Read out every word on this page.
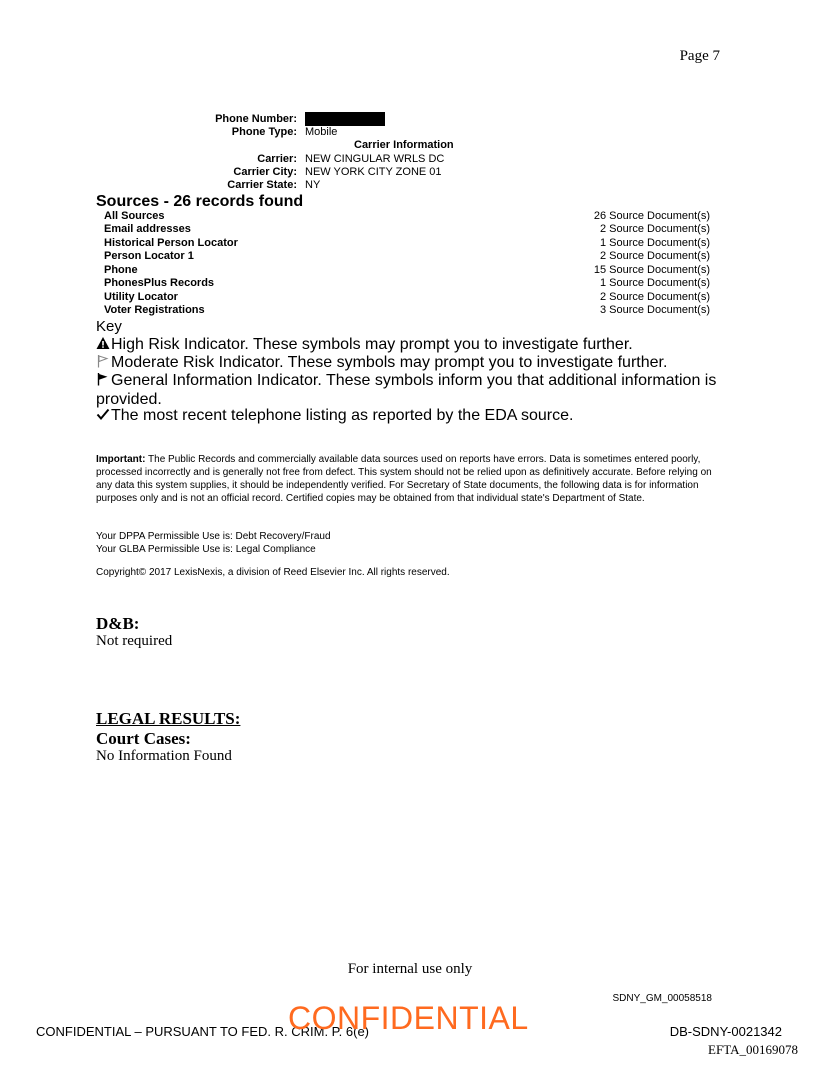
Page 7
Phone Number:
Phone Type: Mobile
Carrier Information
Carrier: NEW CINGULAR WRLS DC
Carrier City: NEW YORK CITY ZONE 01
Carrier State: NY
Sources - 26 records found
All Sources	26 Source Document(s)
Email addresses	2 Source Document(s)
Historical Person Locator	1 Source Document(s)
Person Locator 1	2 Source Document(s)
Phone	15 Source Document(s)
PhonesPlus Records	1 Source Document(s)
Utility Locator	2 Source Document(s)
Voter Registrations	3 Source Document(s)
Key
High Risk Indicator. These symbols may prompt you to investigate further.
Moderate Risk Indicator. These symbols may prompt you to investigate further.
General Information Indicator. These symbols inform you that additional information is provided.
The most recent telephone listing as reported by the EDA source.
Important: The Public Records and commercially available data sources used on reports have errors. Data is sometimes entered poorly, processed incorrectly and is generally not free from defect. This system should not be relied upon as definitively accurate. Before relying on any data this system supplies, it should be independently verified. For Secretary of State documents, the following data is for information purposes only and is not an official record. Certified copies may be obtained from that individual state's Department of State.
Your DPPA Permissible Use is: Debt Recovery/Fraud
Your GLBA Permissible Use is: Legal Compliance
Copyright© 2017 LexisNexis, a division of Reed Elsevier Inc. All rights reserved.
D&B:
Not required
LEGAL RESULTS:
Court Cases:
No Information Found
For internal use only
SDNY_GM_00058518
CONFIDENTIAL – PURSUANT TO FED. R. CRIM. P. 6(e)
CONFIDENTIAL	DB-SDNY-0021342
EFTA_00169078
